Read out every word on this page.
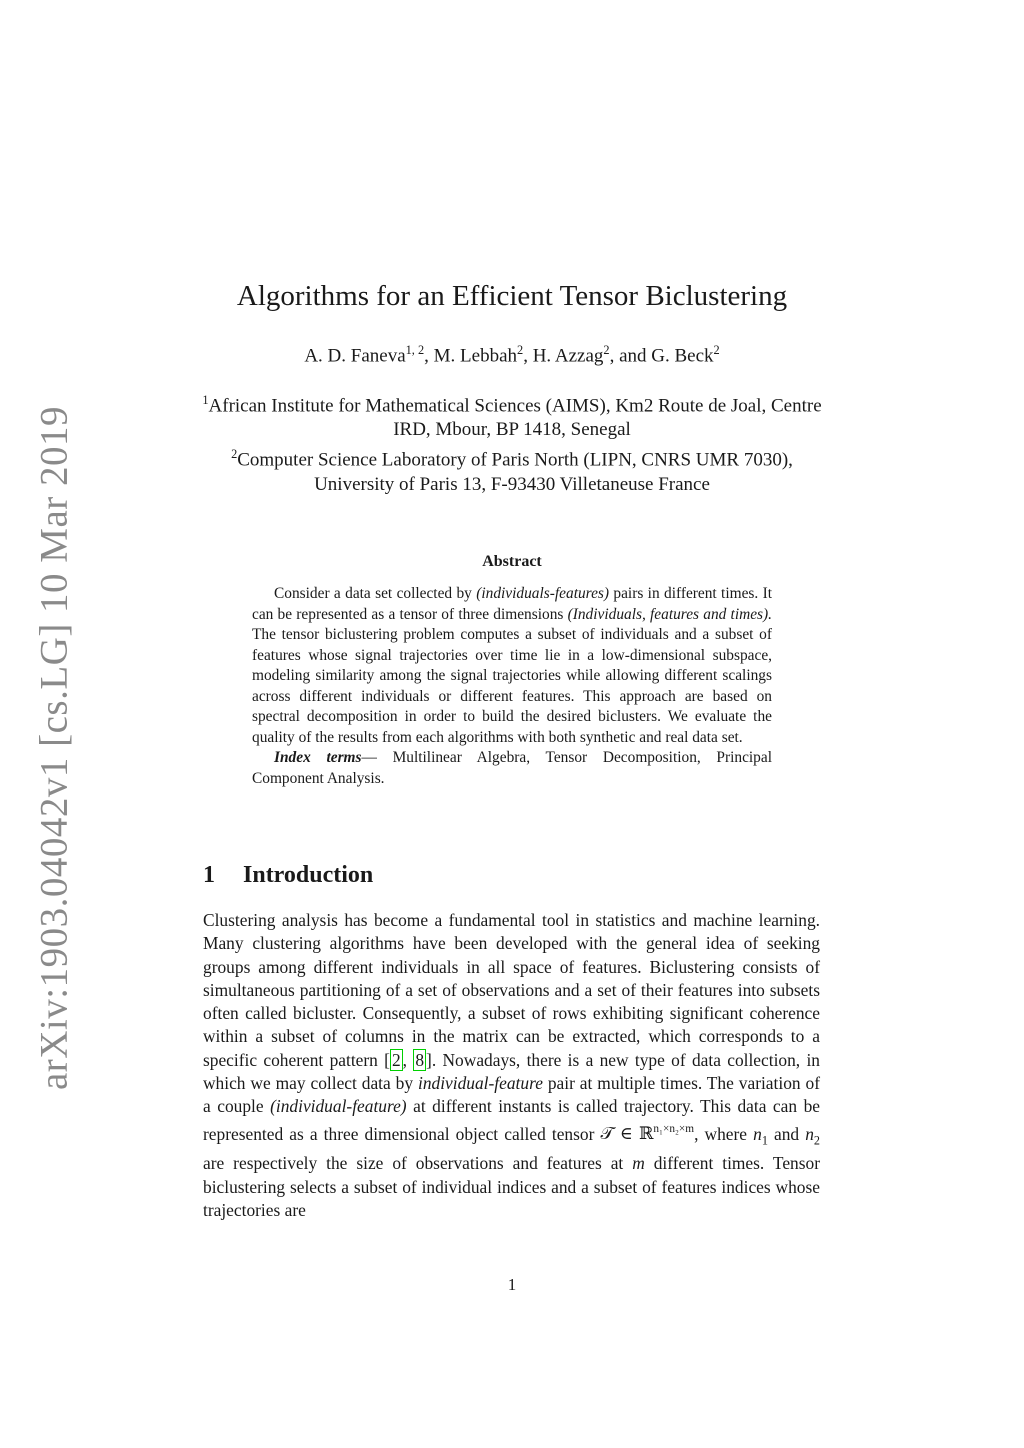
arXiv:1903.04042v1 [cs.LG] 10 Mar 2019
Algorithms for an Efficient Tensor Biclustering
A. D. Faneva$^{1, 2}$, M. Lebbah$^2$, H. Azzag$^2$, and G. Beck$^2$

$^1$African Institute for Mathematical Sciences (AIMS), Km2 Route de Joal, Centre IRD, Mbour, BP 1418, Senegal

$^2$Computer Science Laboratory of Paris North (LIPN, CNRS UMR 7030), University of Paris 13, F-93430 Villetaneuse France

Abstract

Consider a data set collected by (individuals-features) pairs in different times. It can be represented as a tensor of three dimensions (Individuals, features and times). The tensor biclustering problem computes a subset of individuals and a subset of features whose signal trajectories over time lie in a low-dimensional subspace, modeling similarity among the signal trajectories while allowing different scalings across different individuals or different features. This approach are based on spectral decomposition in order to build the desired biclusters. We evaluate the quality of the results from each algorithms with both synthetic and real data set.

Index terms— Multilinear Algebra, Tensor Decomposition, Principal Component Analysis.

1 Introduction

Clustering analysis has become a fundamental tool in statistics and machine learning. Many clustering algorithms have been developed with the general idea of seeking groups among different individuals in all space of features. Biclustering consists of simultaneous partitioning of a set of observations and a set of their features into subsets often called bicluster. Consequently, a subset of rows exhibiting significant coherence within a subset of columns in the matrix can be extracted, which corresponds to a specific coherent pattern [ 2 , 8 ]. Nowadays, there is a new type of data collection, in which we may collect data by individual-feature pair at multiple times. The variation of a couple (individual-feature) at different instants is called trajectory. This data can be represented as a three dimensional object called tensor 𝒯 ∈ ℝ$^{n_1\times n_2\times m}$, where $n_1$ and $n_2$ are respectively the size of observations and features at m different times. Tensor biclustering selects a subset of individual indices and a subset of features indices whose trajectories are

1
